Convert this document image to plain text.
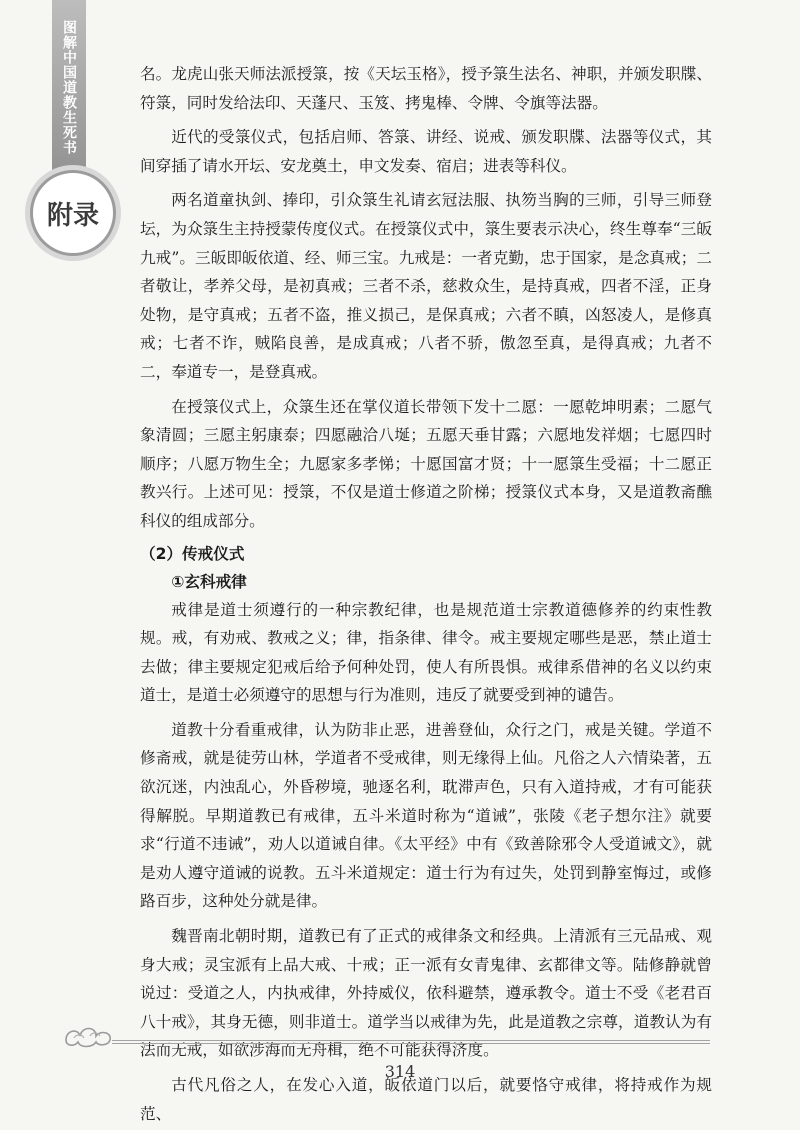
图解中国道教生死书
附录

名。龙虎山张天师法派授箓，按《天坛玉格》，授予箓生法名、神职，并颁发职牒、符箓，同时发给法印、天蓬尺、玉笈、拷鬼棒、令牌、令旗等法器。

近代的受箓仪式，包括启师、答箓、讲经、说戒、颁发职牒、法器等仪式，其间穿插了请水开坛、安龙奠土，申文发奏、宿启；进表等科仪。

两名道童执剑、捧印，引众箓生礼请玄冠法服、执笏当胸的三师，引导三师登坛，为众箓生主持授蒙传度仪式。在授箓仪式中，箓生要表示决心，终生尊奉“三皈九戒”。三皈即皈依道、经、师三宝。九戒是：一者克勤，忠于国家，是念真戒；二者敬让，孝养父母，是初真戒；三者不杀，慈救众生，是持真戒，四者不淫，正身处物，是守真戒；五者不盗，推义损己，是保真戒；六者不瞋，凶怒凌人，是修真戒；七者不诈，贼陷良善，是成真戒；八者不骄，傲忽至真，是得真戒；九者不二，奉道专一，是登真戒。

在授箓仪式上，众箓生还在掌仪道长带领下发十二愿：一愿乾坤明素；二愿气象清圆；三愿主躬康泰；四愿融洽八埏；五愿天垂甘露；六愿地发祥烟；七愿四时顺序；八愿万物生全；九愿家多孝悌；十愿国富才贤；十一愿箓生受福；十二愿正教兴行。上述可见：授箓，不仅是道士修道之阶梯；授箓仪式本身，又是道教斋醮科仪的组成部分。

（2）传戒仪式
①玄科戒律

戒律是道士须遵行的一种宗教纪律，也是规范道士宗教道德修养的约束性教规。戒，有劝戒、教戒之义；律，指条律、律令。戒主要规定哪些是恶，禁止道士去做；律主要规定犯戒后给予何种处罚，使人有所畏惧。戒律系借神的名义以约束道士，是道士必须遵守的思想与行为准则，违反了就要受到神的谴告。

道教十分看重戒律，认为防非止恶，进善登仙，众行之门，戒是关键。学道不修斋戒，就是徒劳山林，学道者不受戒律，则无缘得上仙。凡俗之人六情染著，五欲沉迷，内浊乱心，外昏秽境，驰逐名利，耽滞声色，只有入道持戒，才有可能获得解脱。早期道教已有戒律，五斗米道时称为“道诫”，张陵《老子想尔注》就要求“行道不违诫”，劝人以道诫自律。《太平经》中有《致善除邪令人受道诫文》，就是劝人遵守道诫的说教。五斗米道规定：道士行为有过失，处罚到静室悔过，或修路百步，这种处分就是律。

魏晋南北朝时期，道教已有了正式的戒律条文和经典。上清派有三元品戒、观身大戒；灵宝派有上品大戒、十戒；正一派有女青鬼律、玄都律文等。陆修静就曾说过：受道之人，内执戒律，外持威仪，依科避禁，遵承教令。道士不受《老君百八十戒》，其身无德，则非道士。道学当以戒律为先，此是道教之宗尊，道教认为有法而无戒，如欲涉海而无舟楫，绝不可能获得济度。

古代凡俗之人，在发心入道，皈依道门以后，就要恪守戒律，将持戒作为规范、

314
